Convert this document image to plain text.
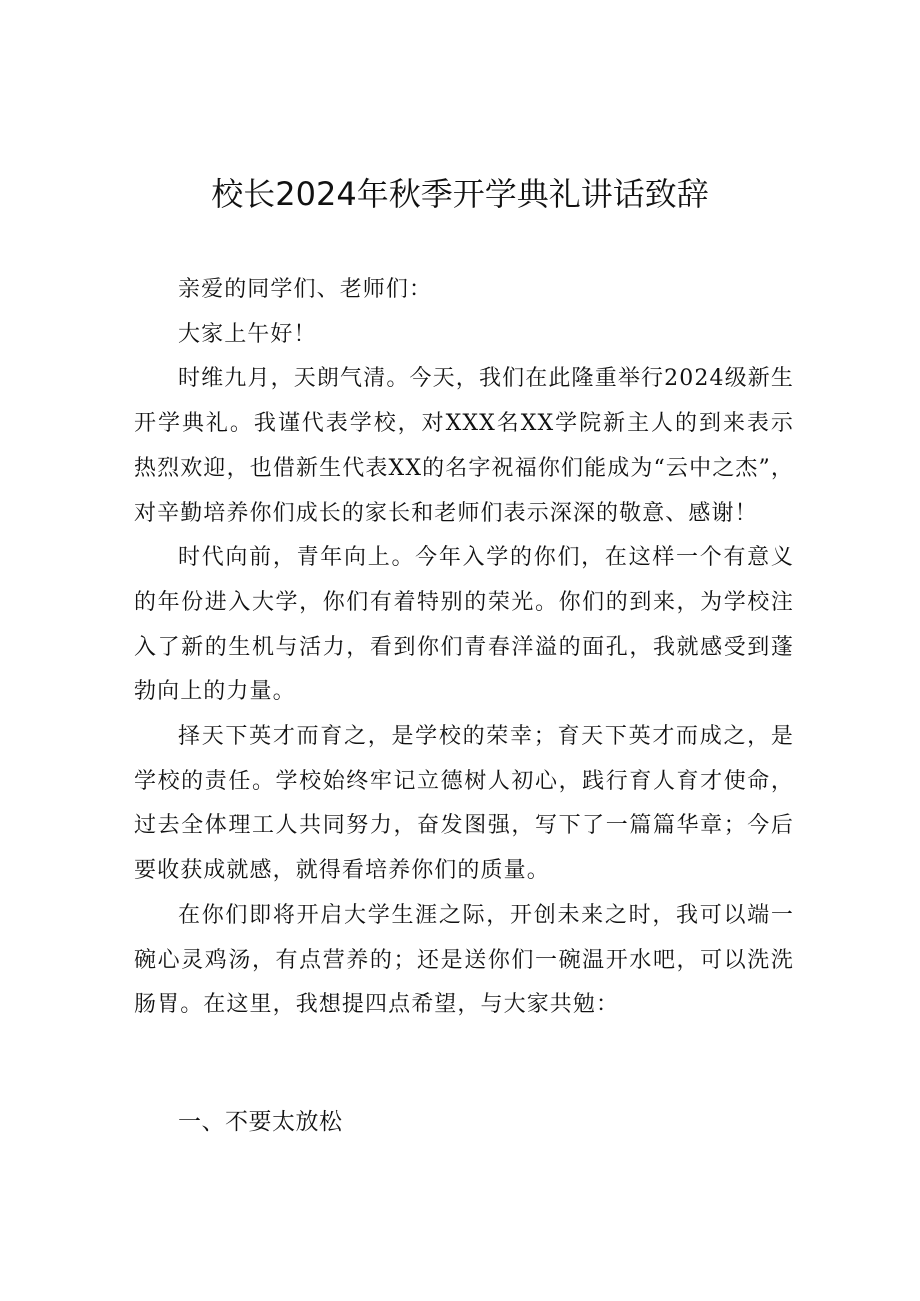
校长2024年秋季开学典礼讲话致辞

亲爱的同学们、老师们：

大家上午好！

时维九月，天朗气清。今天，我们在此隆重举行2024级新生开学典礼。我谨代表学校，对XXX名XX学院新主人的到来表示热烈欢迎，也借新生代表XX的名字祝福你们能成为“云中之杰”，对辛勤培养你们成长的家长和老师们表示深深的敬意、感谢！

时代向前，青年向上。今年入学的你们，在这样一个有意义的年份进入大学，你们有着特别的荣光。你们的到来，为学校注入了新的生机与活力，看到你们青春洋溢的面孔，我就感受到蓬勃向上的力量。

择天下英才而育之，是学校的荣幸；育天下英才而成之，是学校的责任。学校始终牢记立德树人初心，践行育人育才使命，过去全体理工人共同努力，奋发图强，写下了一篇篇华章；今后要收获成就感，就得看培养你们的质量。

在你们即将开启大学生涯之际，开创未来之时，我可以端一碗心灵鸡汤，有点营养的；还是送你们一碗温开水吧，可以洗洗肠胃。在这里，我想提四点希望，与大家共勉：

一、不要太放松
